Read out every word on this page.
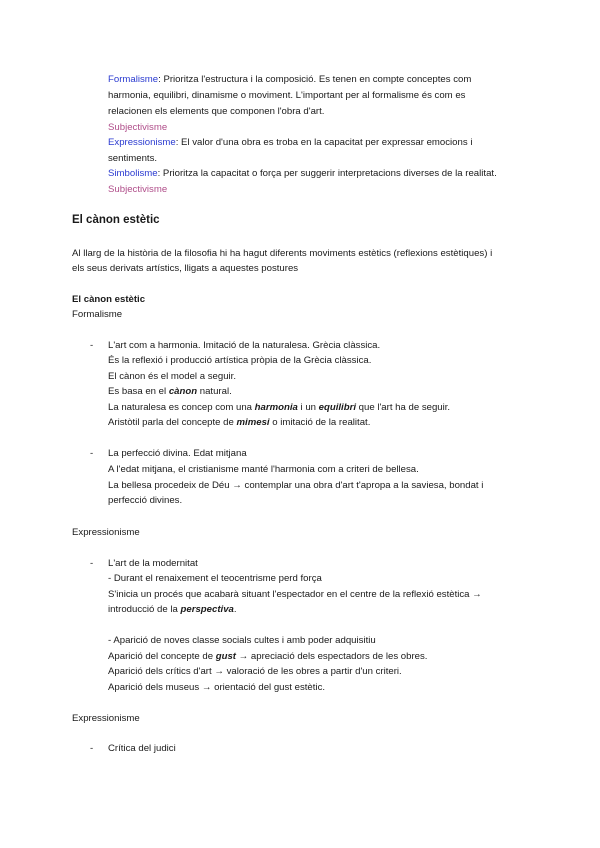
Formalisme: Prioritza l'estructura i la composició. Es tenen en compte conceptes com
harmonia, equilibri, dinamisme o moviment. L'important per al formalisme és com es
relacionen els elements que componen l'obra d'art.
Subjectivisme
Expressionisme: El valor d'una obra es troba en la capacitat per expressar emocions i
sentiments.
Simbolisme: Prioritza la capacitat o força per suggerir interpretacions diverses de la realitat.
Subjectivisme
El cànon estètic
Al llarg de la història de la filosofia hi ha hagut diferents moviments estètics (reflexions estètiques) i
els seus derivats artístics, lligats a aquestes postures
El cànon estètic
Formalisme
- L'art com a harmonia. Imitació de la naturalesa. Grècia clàssica.
És la reflexió i producció artística pròpia de la Grècia clàssica.
El cànon és el model a seguir.
Es basa en el cànon natural.
La naturalesa es concep com una harmonia i un equilibri que l'art ha de seguir.
Aristòtil parla del concepte de mimesi o imitació de la realitat.
- La perfecció divina. Edat mitjana
A l'edat mitjana, el cristianisme manté l'harmonia com a criteri de bellesa.
La bellesa procedeix de Déu → contemplar una obra d'art t'apropa a la saviesa, bondat i
perfecció divines.
Expressionisme
- L'art de la modernitat
- Durant el renaixement el teocentrisme perd força
S'inicia un procés que acabarà situant l'espectador en el centre de la reflexió estètica →
introducció de la perspectiva.
- Aparició de noves classe socials cultes i amb poder adquisitiu
Aparició del concepte de gust → apreciació dels espectadors de les obres.
Aparició dels crítics d'art → valoració de les obres a partir d'un criteri.
Aparició dels museus → orientació del gust estètic.
Expressionisme
- Crítica del judici
